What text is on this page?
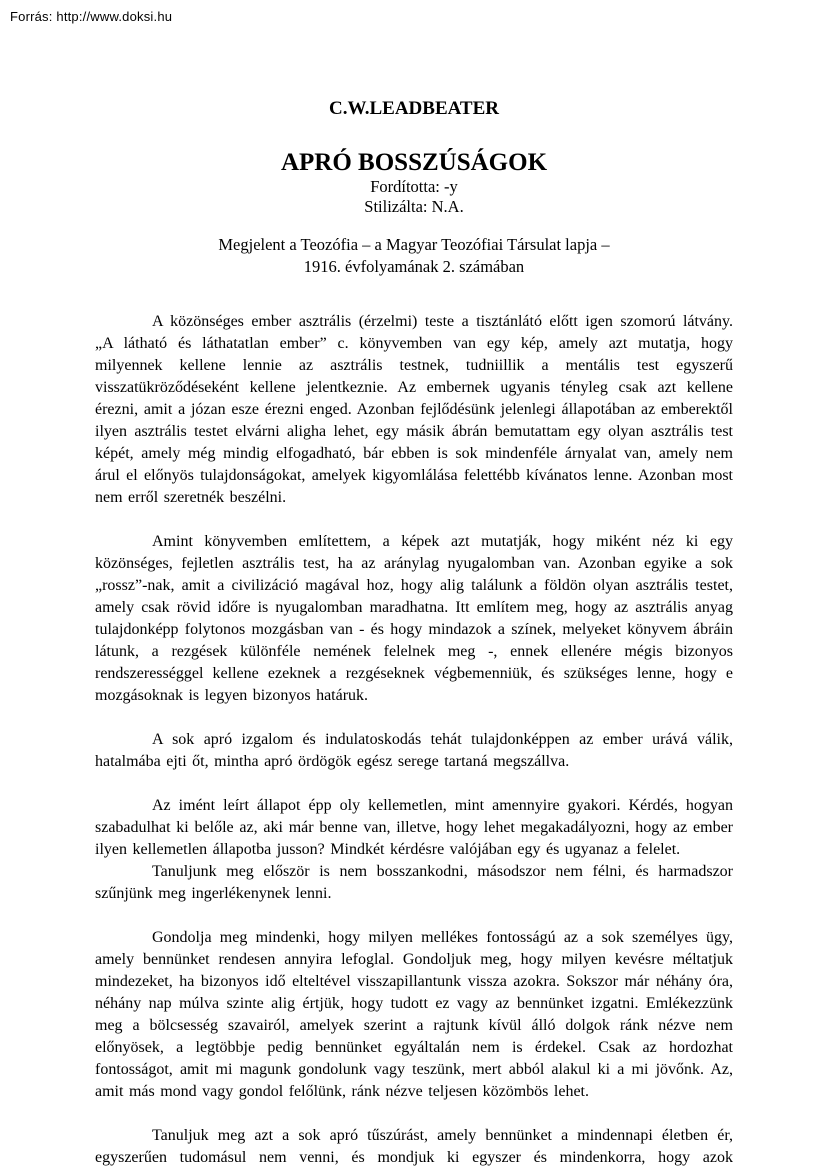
Forrás: http://www.doksi.hu
C.W.LEADBEATER
APRÓ BOSSZÚSÁGOK
Fordította: -y
Stilizálta: N.A.
Megjelent a Teozófia – a Magyar Teozófiai Társulat lapja –
1916. évfolyamának 2. számában

A közönséges ember asztrális (érzelmi) teste a tisztánlátó előtt igen szomorú látvány. „A látható és láthatatlan ember” c. könyvemben van egy kép, amely azt mutatja, hogy milyennek kellene lennie az asztrális testnek, tudniillik a mentális test egyszerű visszatükröződéseként kellene jelentkeznie. Az embernek ugyanis tényleg csak azt kellene érezni, amit a józan esze érezni enged. Azonban fejlődésünk jelenlegi állapotában az emberektől ilyen asztrális testet elvárni aligha lehet, egy másik ábrán bemutattam egy olyan asztrális test képét, amely még mindig elfogadható, bár ebben is sok mindenféle árnyalat van, amely nem árul el előnyös tulajdonságokat, amelyek kigyomlálása felettébb kívánatos lenne. Azonban most nem erről szeretnék beszélni.

Amint könyvemben említettem, a képek azt mutatják, hogy miként néz ki egy közönséges, fejletlen asztrális test, ha az aránylag nyugalomban van. Azonban egyike a sok „rossz”-nak, amit a civilizáció magával hoz, hogy alig találunk a földön olyan asztrális testet, amely csak rövid időre is nyugalomban maradhatna. Itt említem meg, hogy az asztrális anyag tulajdonképp folytonos mozgásban van - és hogy mindazok a színek, melyeket könyvem ábráin látunk, a rezgések különféle nemének felelnek meg -, ennek ellenére mégis bizonyos rendszerességgel kellene ezeknek a rezgéseknek végbemenniük, és szükséges lenne, hogy e mozgásoknak is legyen bizonyos határuk.

A sok apró izgalom és indulatoskodás tehát tulajdonképpen az ember urává válik, hatalmába ejti őt, mintha apró ördögök egész serege tartaná megszállva.

Az imént leírt állapot épp oly kellemetlen, mint amennyire gyakori. Kérdés, hogyan szabadulhat ki belőle az, aki már benne van, illetve, hogy lehet megakadályozni, hogy az ember ilyen kellemetlen állapotba jusson? Mindkét kérdésre valójában egy és ugyanaz a felelet.

Tanuljunk meg először is nem bosszankodni, másodszor nem félni, és harmadszor szűnjünk meg ingerlékenynek lenni.

Gondolja meg mindenki, hogy milyen mellékes fontosságú az a sok személyes ügy, amely bennünket rendesen annyira lefoglal. Gondoljuk meg, hogy milyen kevésre méltatjuk mindezeket, ha bizonyos idő elteltével visszapillantunk vissza azokra. Sokszor már néhány óra, néhány nap múlva szinte alig értjük, hogy tudott ez vagy az bennünket izgatni. Emlékezzünk meg a bölcsesség szavairól, amelyek szerint a rajtunk kívül álló dolgok ránk nézve nem előnyösek, a legtöbbje pedig bennünket egyáltalán nem is érdekel. Csak az hordozhat fontosságot, amit mi magunk gondolunk vagy teszünk, mert abból alakul ki a mi jövőnk. Az, amit más mond vagy gondol felőlünk, ránk nézve teljesen közömbös lehet.

Tanuljuk meg azt a sok apró tűszúrást, amely bennünket a mindennapi életben ér, egyszerűen tudomásul nem venni, és mondjuk ki egyszer és mindenkorra, hogy azok
